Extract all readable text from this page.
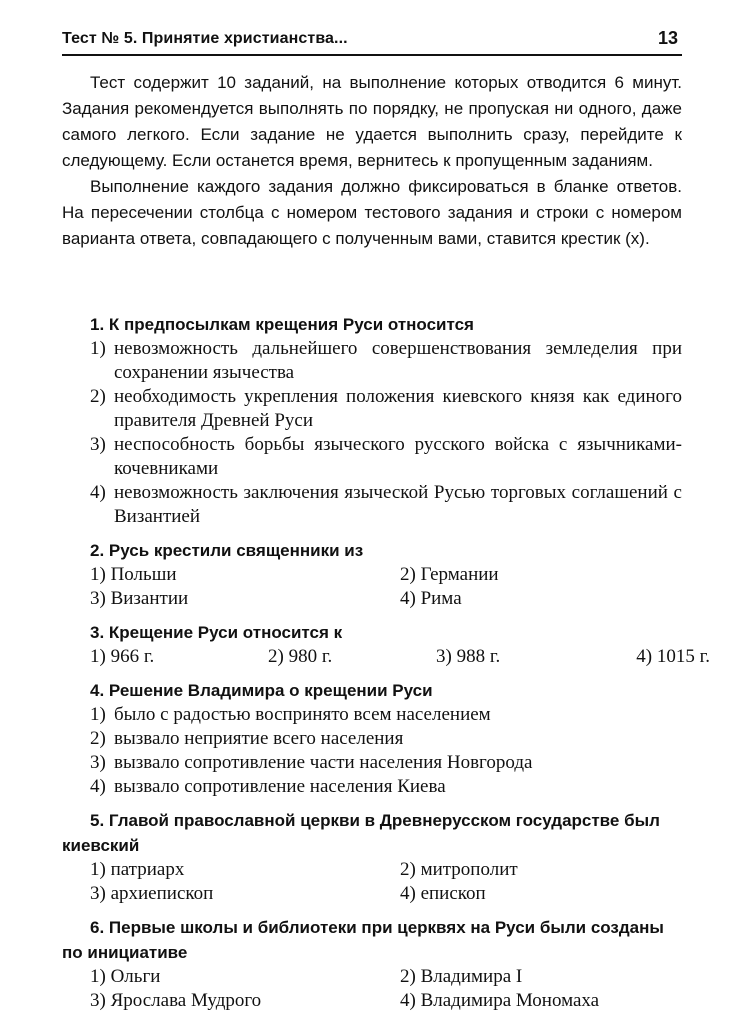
Тест № 5. Принятие христианства...	13

Тест содержит 10 заданий, на выполнение которых отводится 6 минут. Задания рекомендуется выполнять по порядку, не пропуская ни одного, даже самого легкого. Если задание не удается выполнить сразу, перейдите к следующему. Если останется время, вернитесь к пропущенным заданиям.

Выполнение каждого задания должно фиксироваться в бланке ответов. На пересечении столбца с номером тестового задания и строки с номером варианта ответа, совпадающего с полученным вами, ставится крестик (x).

1. К предпосылкам крещения Руси относится
1) невозможность дальнейшего совершенствования земледелия при сохранении язычества
2) необходимость укрепления положения киевского князя как единого правителя Древней Руси
3) неспособность борьбы языческого русского войска с язычниками-кочевниками
4) невозможность заключения языческой Русью торговых соглашений с Византией
2. Русь крестили священники из
1) Польши	2) Германии
3) Византии	4) Рима
3. Крещение Руси относится к
1) 966 г.	2) 980 г.	3) 988 г.	4) 1015 г.
4. Решение Владимира о крещении Руси
1) было с радостью воспринято всем населением
2) вызвало неприятие всего населения
3) вызвало сопротивление части населения Новгорода
4) вызвало сопротивление населения Киева
5. Главой православной церкви в Древнерусском государстве был киевский
1) патриарх	2) митрополит
3) архиепископ	4) епископ
6. Первые школы и библиотеки при церквях на Руси были созданы по инициативе
1) Ольги	2) Владимира I
3) Ярослава Мудрого	4) Владимира Мономаха
